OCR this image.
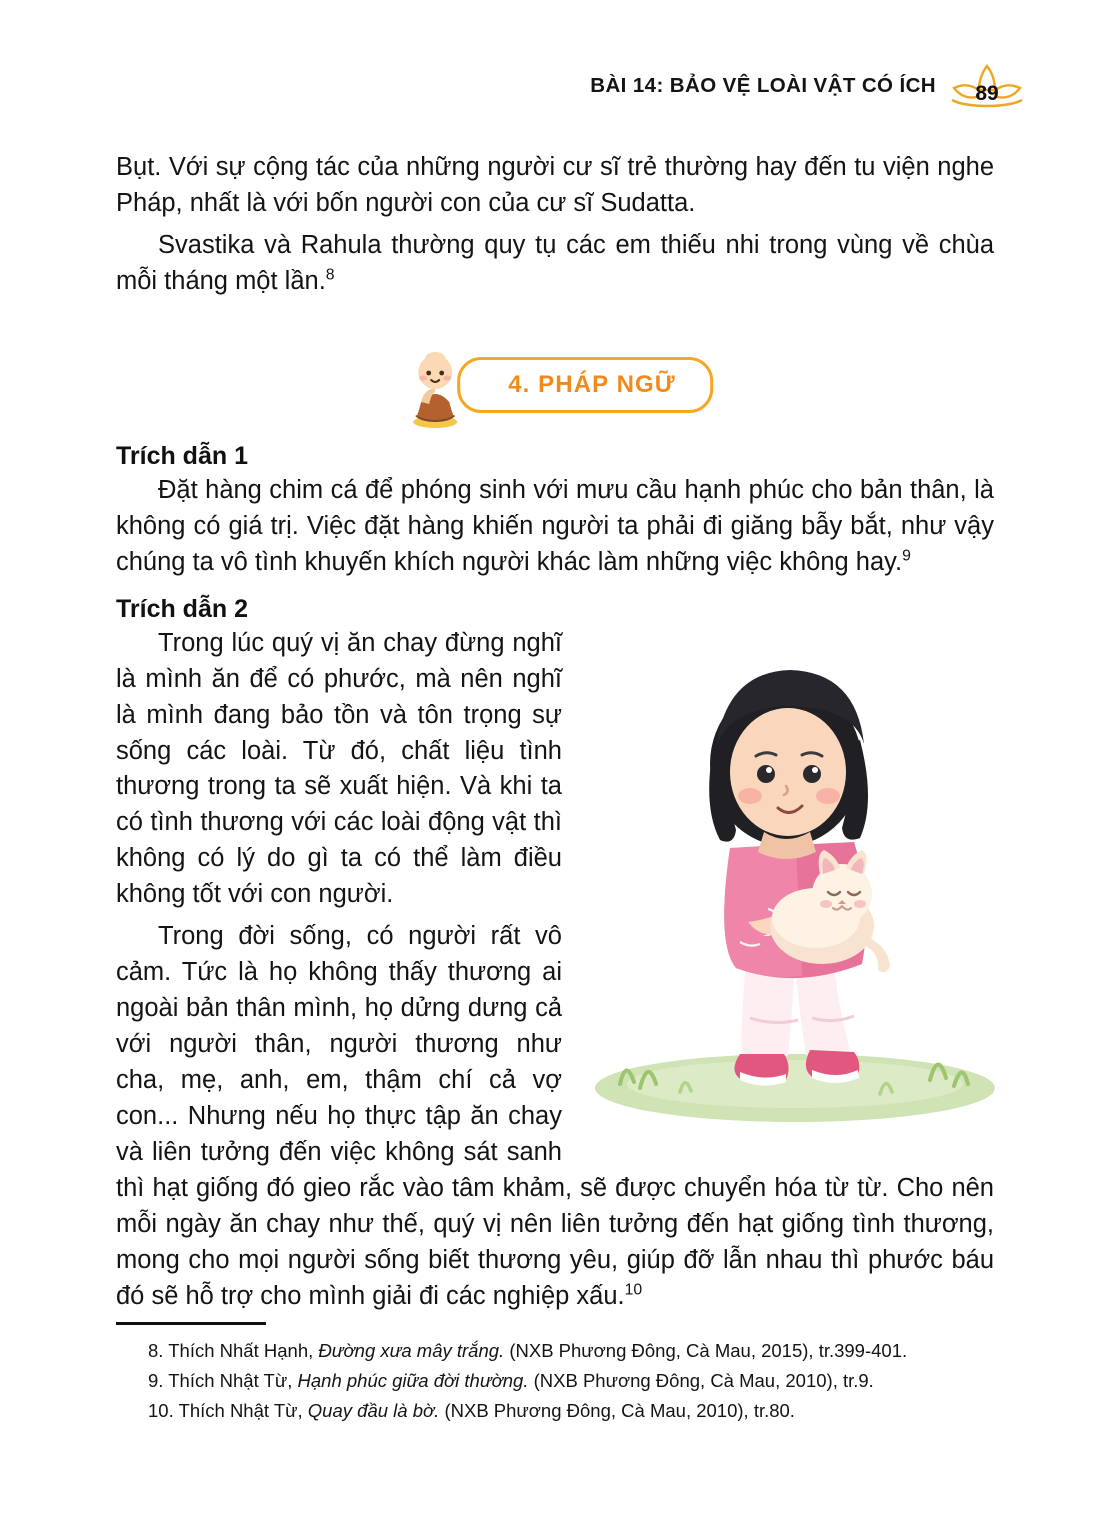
BÀI 14: BẢO VỆ LOÀI VẬT CÓ ÍCH 89

Bụt. Với sự cộng tác của những người cư sĩ trẻ thường hay đến tu viện nghe Pháp, nhất là với bốn người con của cư sĩ Sudatta.

Svastika và Rahula thường quy tụ các em thiếu nhi trong vùng về chùa mỗi tháng một lần.$^8$

4. PHÁP NGỮ
Trích dẫn 1

Đặt hàng chim cá để phóng sinh với mưu cầu hạnh phúc cho bản thân, là không có giá trị. Việc đặt hàng khiến người ta phải đi giăng bẫy bắt, như vậy chúng ta vô tình khuyến khích người khác làm những việc không hay.$^9$

Trích dẫn 2

Trong lúc quý vị ăn chay đừng nghĩ là mình ăn để có phước, mà nên nghĩ là mình đang bảo tồn và tôn trọng sự sống các loài. Từ đó, chất liệu tình thương trong ta sẽ xuất hiện. Và khi ta có tình thương với các loài động vật thì không có lý do gì ta có thể làm điều không tốt với con người.

Trong đời sống, có người rất vô cảm. Tức là họ không thấy thương ai ngoài bản thân mình, họ dửng dưng cả với người thân, người thương như cha, mẹ, anh, em, thậm chí cả vợ con... Nhưng nếu họ thực tập ăn chay và liên tưởng đến việc không sát sanh thì hạt giống đó gieo rắc vào tâm khảm, sẽ được chuyển hóa từ từ. Cho nên mỗi ngày ăn chay như thế, quý vị nên liên tưởng đến hạt giống tình thương, mong cho mọi người sống biết thương yêu, giúp đỡ lẫn nhau thì phước báu đó sẽ hỗ trợ cho mình giải đi các nghiệp xấu.$^{10}$

8. Thích Nhất Hạnh, Đường xưa mây trắng. (NXB Phương Đông, Cà Mau, 2015), tr.399-401.

9. Thích Nhật Từ, Hạnh phúc giữa đời thường. (NXB Phương Đông, Cà Mau, 2010), tr.9.

10. Thích Nhật Từ, Quay đầu là bờ. (NXB Phương Đông, Cà Mau, 2010), tr.80.
